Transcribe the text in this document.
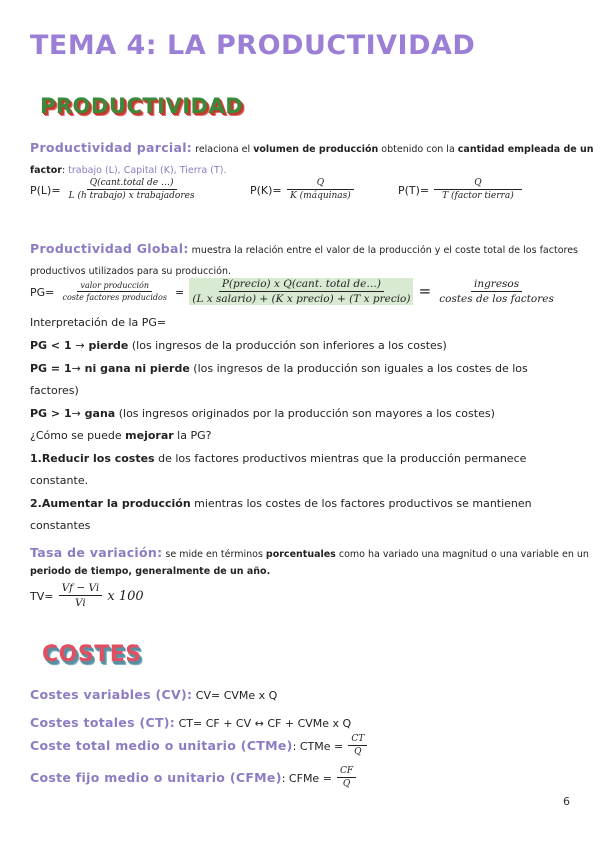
TEMA 4: LA PRODUCTIVIDAD
PRODUCTIVIDAD
Productividad parcial: relaciona el volumen de producción obtenido con la cantidad empleada de un
factor: trabajo (L), Capital (K), Tierra (T).
$P(L)= \frac{\text{Q(cant.total de …)}}{\text{L (h trabajo) x trabajadores}}$	$P(K)= \frac{Q}{\text{K (máquinas)}}$	$P(T)= \frac{Q}{\text{T (factor tierra)}}$
Productividad Global: muestra la relación entre el valor de la producción y el coste total de los factores
productivos utilizados para su producción.
$PG= \frac{\text{valor producción}}{\text{coste factores producidos}} = \frac{\text{P(precio) x Q(cant. total de…)}}{\text{(L x salario) + (K x precio) + (T x precio)}} = \frac{\text{ingresos}}{\text{costes de los factores}}$
Interpretación de la PG=
PG < 1 → pierde (los ingresos de la producción son inferiores a los costes)
PG = 1→ ni gana ni pierde (los ingresos de la producción son iguales a los costes de los
factores)
PG > 1→ gana (los ingresos originados por la producción son mayores a los costes)
¿Cómo se puede mejorar la PG?
1.Reducir los costes de los factores productivos mientras que la producción permanece
constante.
2.Aumentar la producción mientras los costes de los factores productivos se mantienen
constantes
Tasa de variación: se mide en términos porcentuales como ha variado una magnitud o una variable en un
periodo de tiempo, generalmente de un año.
$TV= \frac{Vf - Vi}{Vi}$ x 100
COSTES
Costes variables (CV): CV= CVMe x Q
Costes totales (CT): CT= CF + CV ↔ CF + CVMe x Q
Coste total medio o unitario (CTMe): CTMe = $\frac{CT}{Q}$
Coste fijo medio o unitario (CFMe): CFMe = $\frac{CF}{Q}$
6
